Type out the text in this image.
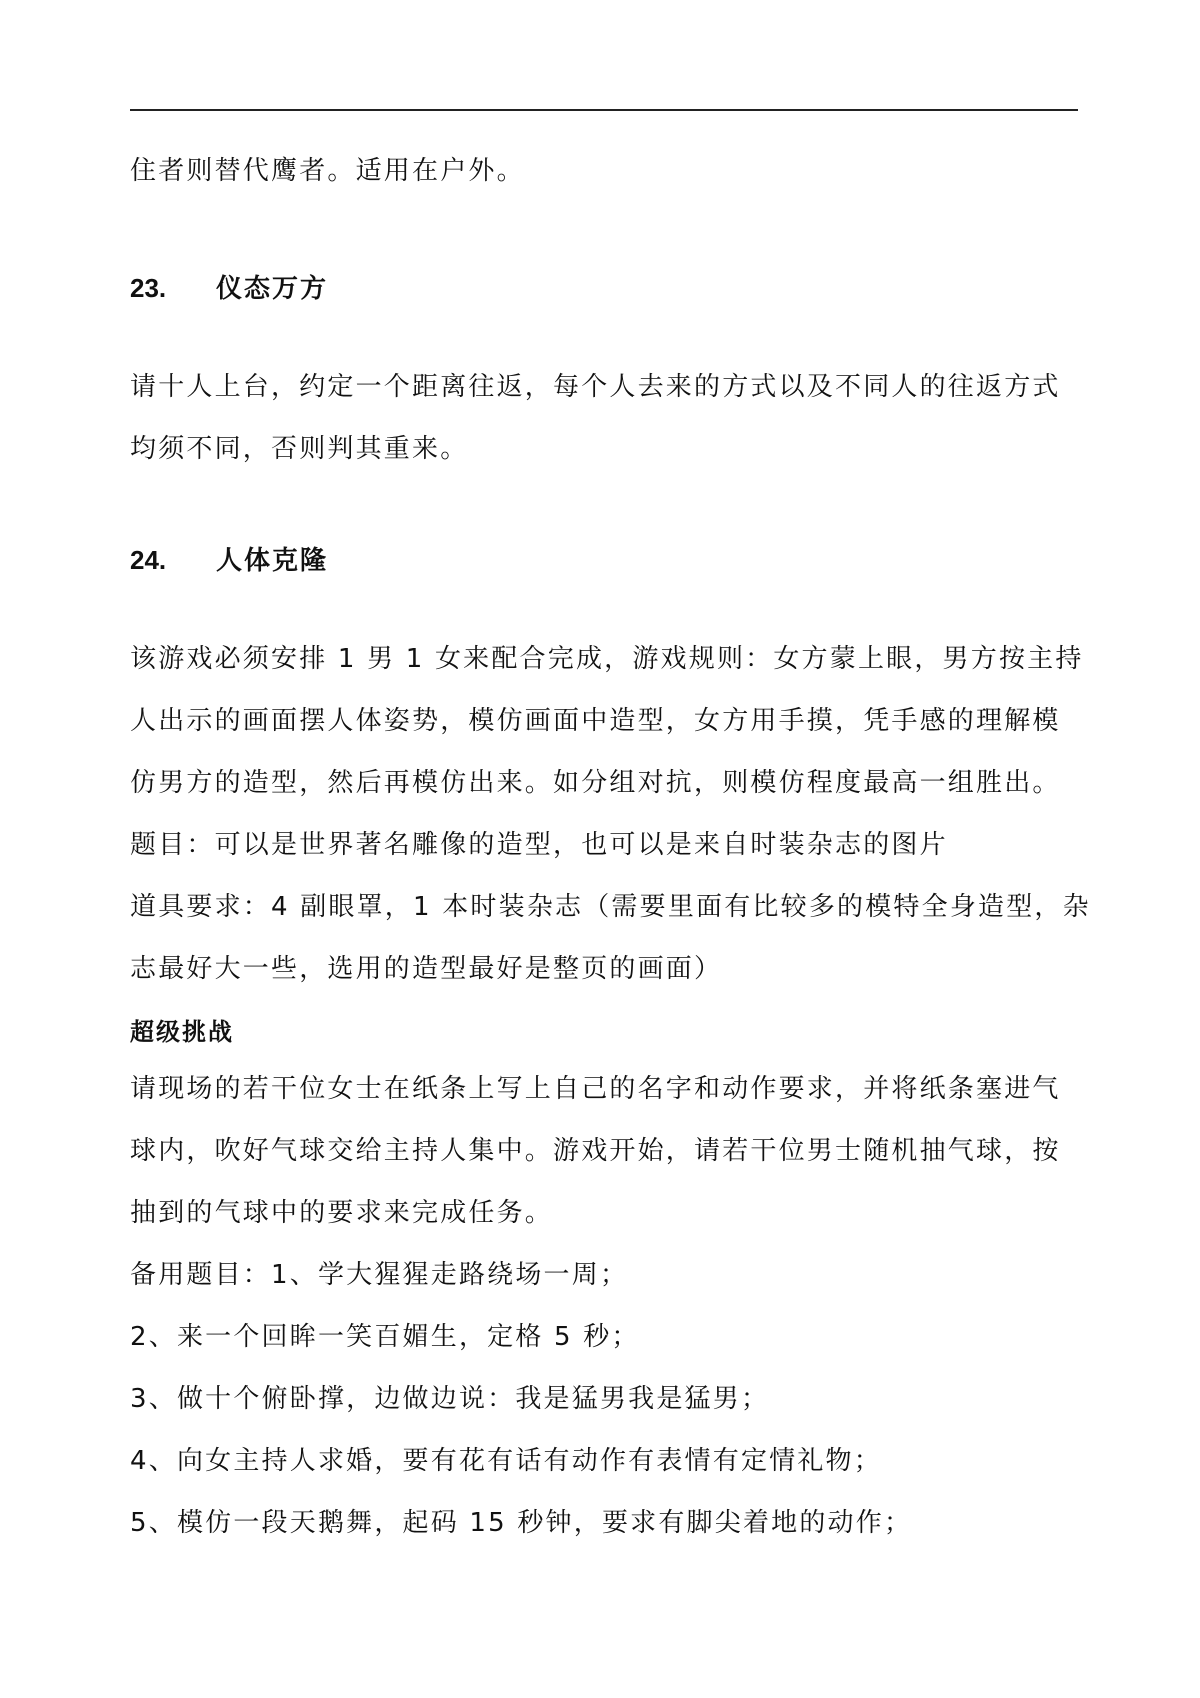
住者则替代鹰者。适用在户外。

23. 仪态万方

请十人上台，约定一个距离往返，每个人去来的方式以及不同人的往返方式

均须不同，否则判其重来。

24. 人体克隆

该游戏必须安排 1 男 1 女来配合完成，游戏规则：女方蒙上眼，男方按主持

人出示的画面摆人体姿势，模仿画面中造型，女方用手摸，凭手感的理解模

仿男方的造型，然后再模仿出来。如分组对抗，则模仿程度最高一组胜出。

题目：可以是世界著名雕像的造型，也可以是来自时装杂志的图片

道具要求：4 副眼罩，1 本时装杂志（需要里面有比较多的模特全身造型，杂

志最好大一些，选用的造型最好是整页的画面）

超级挑战

请现场的若干位女士在纸条上写上自己的名字和动作要求，并将纸条塞进气

球内，吹好气球交给主持人集中。游戏开始，请若干位男士随机抽气球，按

抽到的气球中的要求来完成任务。

备用题目：1、学大猩猩走路绕场一周；

2、来一个回眸一笑百媚生，定格 5 秒；

3、做十个俯卧撑，边做边说：我是猛男我是猛男；

4、向女主持人求婚，要有花有话有动作有表情有定情礼物；

5、模仿一段天鹅舞，起码 15 秒钟，要求有脚尖着地的动作；
